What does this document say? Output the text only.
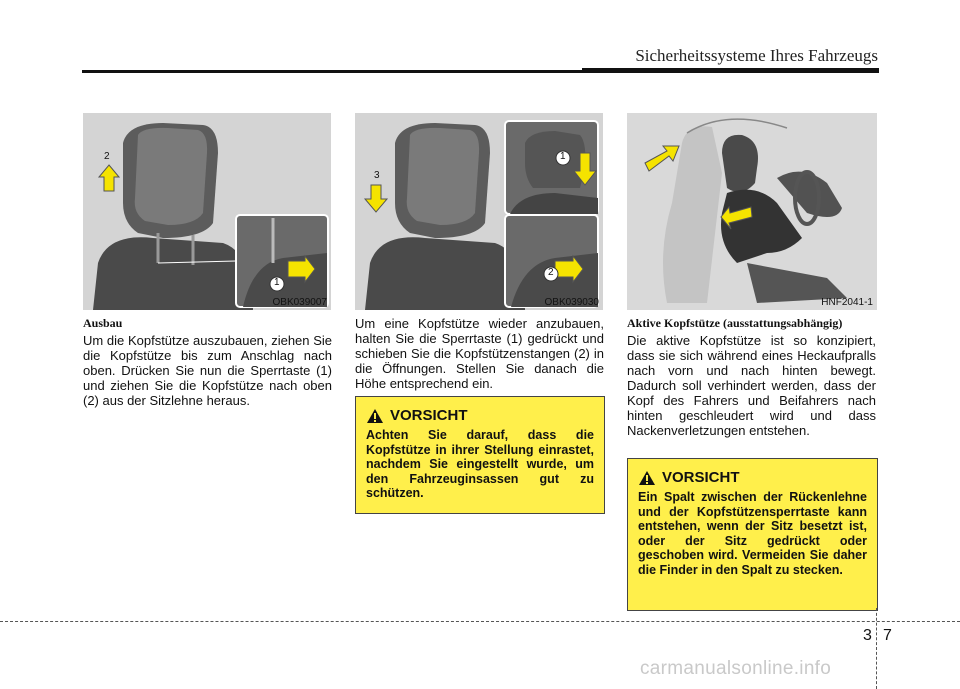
Sicherheitssysteme Ihres Fahrzeugs
2
1
OBK039007
3
1
2
OBK039030	HNF2041-1
Ausbau
Um die Kopfstütze auszubauen, ziehen Sie die Kopfstütze bis zum Anschlag nach oben. Drücken Sie nun die Sperrtaste (1) und ziehen Sie die Kopfstütze nach oben (2) aus der Sitzlehne heraus.
Um eine Kopfstütze wieder anzubauen, halten Sie die Sperrtaste (1) gedrückt und schieben Sie die Kopfstützenstangen (2) in die Öffnungen. Stellen Sie danach die Höhe entsprechend ein.
VORSICHT
Achten Sie darauf, dass die Kopfstütze in ihrer Stellung einrastet, nachdem Sie eingestellt wurde, um den Fahrzeuginsassen gut zu schützen.
Aktive Kopfstütze (ausstattungsabhängig)
Die aktive Kopfstütze ist so konzipiert, dass sie sich während eines Heckaufpralls nach vorn und nach hinten bewegt. Dadurch soll verhindert werden, dass der Kopf des Fahrers und Beifahrers nach hinten geschleudert wird und dass Nackenverletzungen entstehen.
VORSICHT
Ein Spalt zwischen der Rückenlehne und der Kopfstützensperrtaste kann entstehen, wenn der Sitz besetzt ist, oder der Sitz gedrückt oder geschoben wird. Vermeiden Sie daher die Finder in den Spalt zu stecken.
3 7
carmanualsonline.info
